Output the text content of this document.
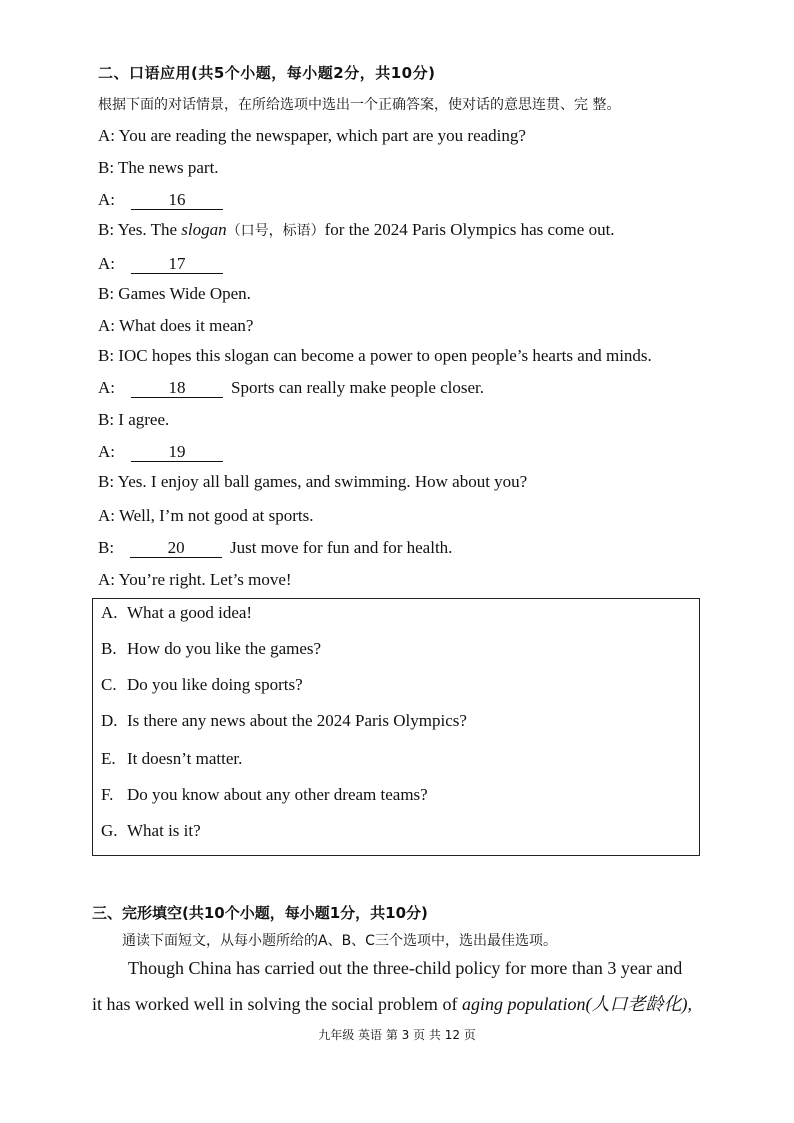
二、口语应用(共5个小题，每小题2分，共10分)
根据下面的对话情景，在所给选项中选出一个正确答案，使对话的意思连贯、完 整。
A: You are reading the newspaper, which part are you reading?
B: The news part.
A:	16
B: Yes. The slogan（口号，标语）for the 2024 Paris Olympics has come out.
A:	17
B: Games Wide Open.
A: What does it mean?
B: IOC hopes this slogan can become a power to open people’s hearts and minds.
A:	18	Sports can really make people closer.
B: I agree.
A:	19
B: Yes. I enjoy all ball games, and swimming. How about you?
A: Well, I’m not good at sports.
B:	20	Just move for fun and for health.
A: You’re right. Let’s move!
A. What a good idea!
B. How do you like the games?
C. Do you like doing sports?
D. Is there any news about the 2024 Paris Olympics?
E. It doesn’t matter.
F. Do you know about any other dream teams?
G. What is it?
三、完形填空(共10个小题，每小题1分，共10分)
通读下面短文，从每小题所给的A、B、C三个选项中，选出最佳选项。
Though China has carried out the three-child policy for more than 3 year and
it has worked well in solving the social problem of aging population(人口老龄化),
九年级 英语 第 3 页 共 12 页
